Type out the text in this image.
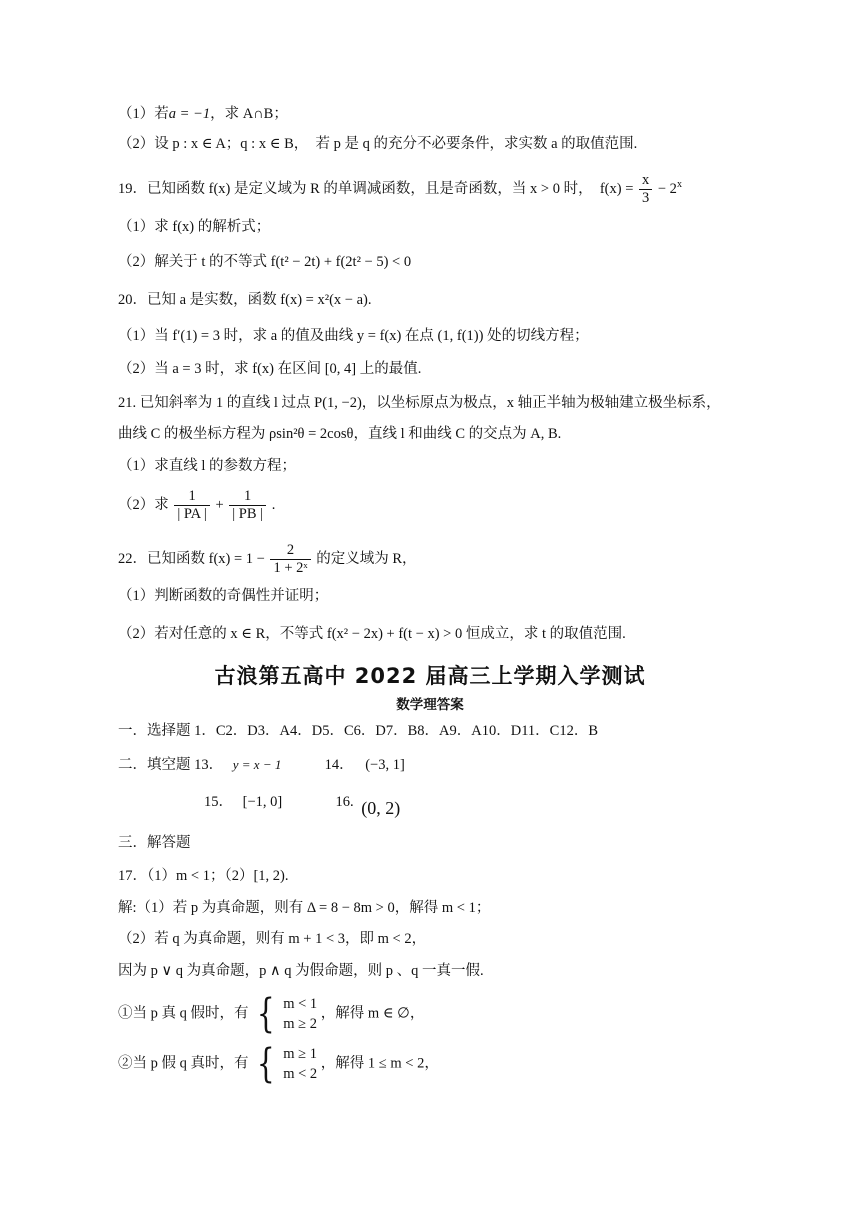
（1）若a = −1，求 A∩B；
（2）设 p : x ∈ A；q : x ∈ B，　若 p 是 q 的充分不必要条件，求实数 a 的取值范围.
19．已知函数 f(x) 是定义域为 R 的单调减函数，且是奇函数，当 x > 0 时，　$f(x) = \frac{x}{3} - 2^x$
（1）求 f(x) 的解析式；
（2）解关于 t 的不等式 f(t² − 2t) + f(2t² − 5) < 0
20．已知 a 是实数，函数 f(x) = x²(x − a).
（1）当 f′(1) = 3 时，求 a 的值及曲线 y = f(x) 在点 (1, f(1)) 处的切线方程；
（2）当 a = 3 时，求 f(x) 在区间 [0, 4] 上的最值.
21. 已知斜率为 1 的直线 l 过点 P(1, −2)，以坐标原点为极点，x 轴正半轴为极轴建立极坐标系，
曲线 C 的极坐标方程为 ρsin²θ = 2cosθ，直线 l 和曲线 C 的交点为 A, B.
（1）求直线 l 的参数方程；
（2）求 $\frac{1}{| PA |} + \frac{1}{| PB |}$ .
22．已知函数 $f(x) = 1 - \frac{2}{\text{1 + 2ˣ}}$ 的定义域为 R，
（1）判断函数的奇偶性并证明；
（2）若对任意的 x ∈ R，不等式 f(x² − 2x) + f(t − x) > 0 恒成立，求 t 的取值范围.
古浪第五高中 2022 届高三上学期入学测试
数学理答案
一．选择题 1．C2．D3．A4．D5．C6．D7．B8．A9．A10．D11．C12．B
二．填空题 13． y = x − 1	14． (−3, 1]
15． [−1, 0]	16. (0, 2)
三．解答题
17．（1）m < 1；（2）[1, 2).
解:（1）若 p 为真命题，则有 Δ = 8 − 8m > 0，解得 m < 1；
（2）若 q 为真命题，则有 m + 1 < 3，即 m < 2，
因为 p ∨ q 为真命题，p ∧ q 为假命题，则 p 、q 一真一假.
①当 p 真 q 假时，有 { m < 1
m ≥ 2
，解得 m ∈ ∅，
②当 p 假 q 真时，有 { m ≥ 1
m < 2
，解得 1 ≤ m < 2，
